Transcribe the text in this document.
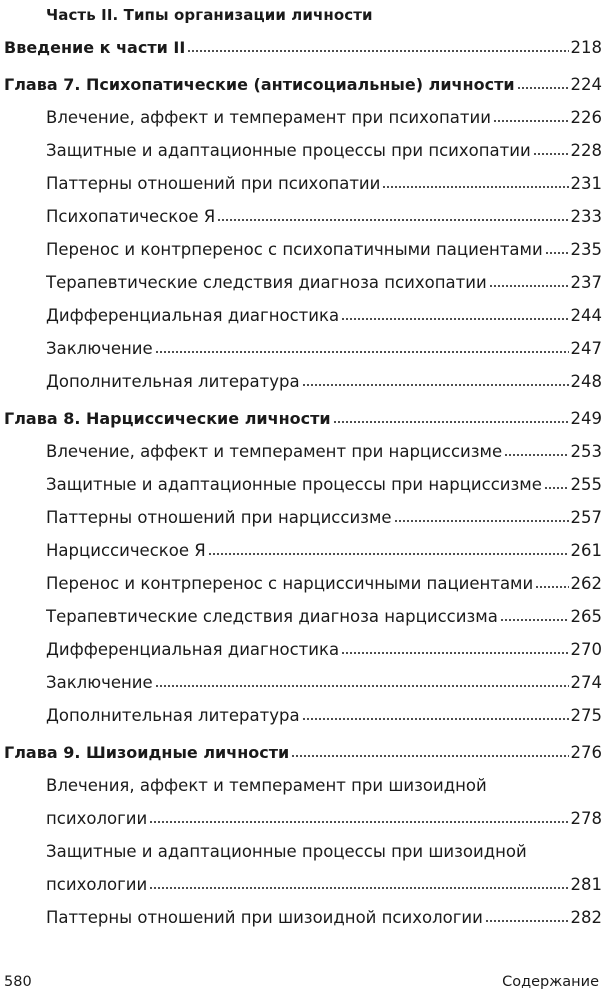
Часть II. Типы организации личности
Введение к части II	218
Глава 7. Психопатические (антисоциальные) личности	224
Влечение, аффект и темперамент при психопатии	226
Защитные и адаптационные процессы при психопатии 228
Паттерны отношений при психопатии	231
Психопатическое Я	233
Перенос и контрперенос с психопатичными пациентами 235
Терапевтические следствия диагноза психопатии	237
Дифференциальная диагностика	244
Заключение	247
Дополнительная литература	248
Глава 8. Нарциссические личности	249
Влечение, аффект и темперамент при нарциссизме	253
Защитные и адаптационные процессы при нарциссизме 255
Паттерны отношений при нарциссизме	257
Нарциссическое Я	261
Перенос и контрперенос с нарциссичными пациентами 262
Терапевтические следствия диагноза нарциссизма	265
Дифференциальная диагностика	270
Заключение	274
Дополнительная литература	275
Глава 9. Шизоидные личности	276
Влечения, аффект и темперамент при шизоидной
психологии	278
Защитные и адаптационные процессы при шизоидной
психологии	281
Паттерны отношений при шизоидной психологии	282
580	Содержание
